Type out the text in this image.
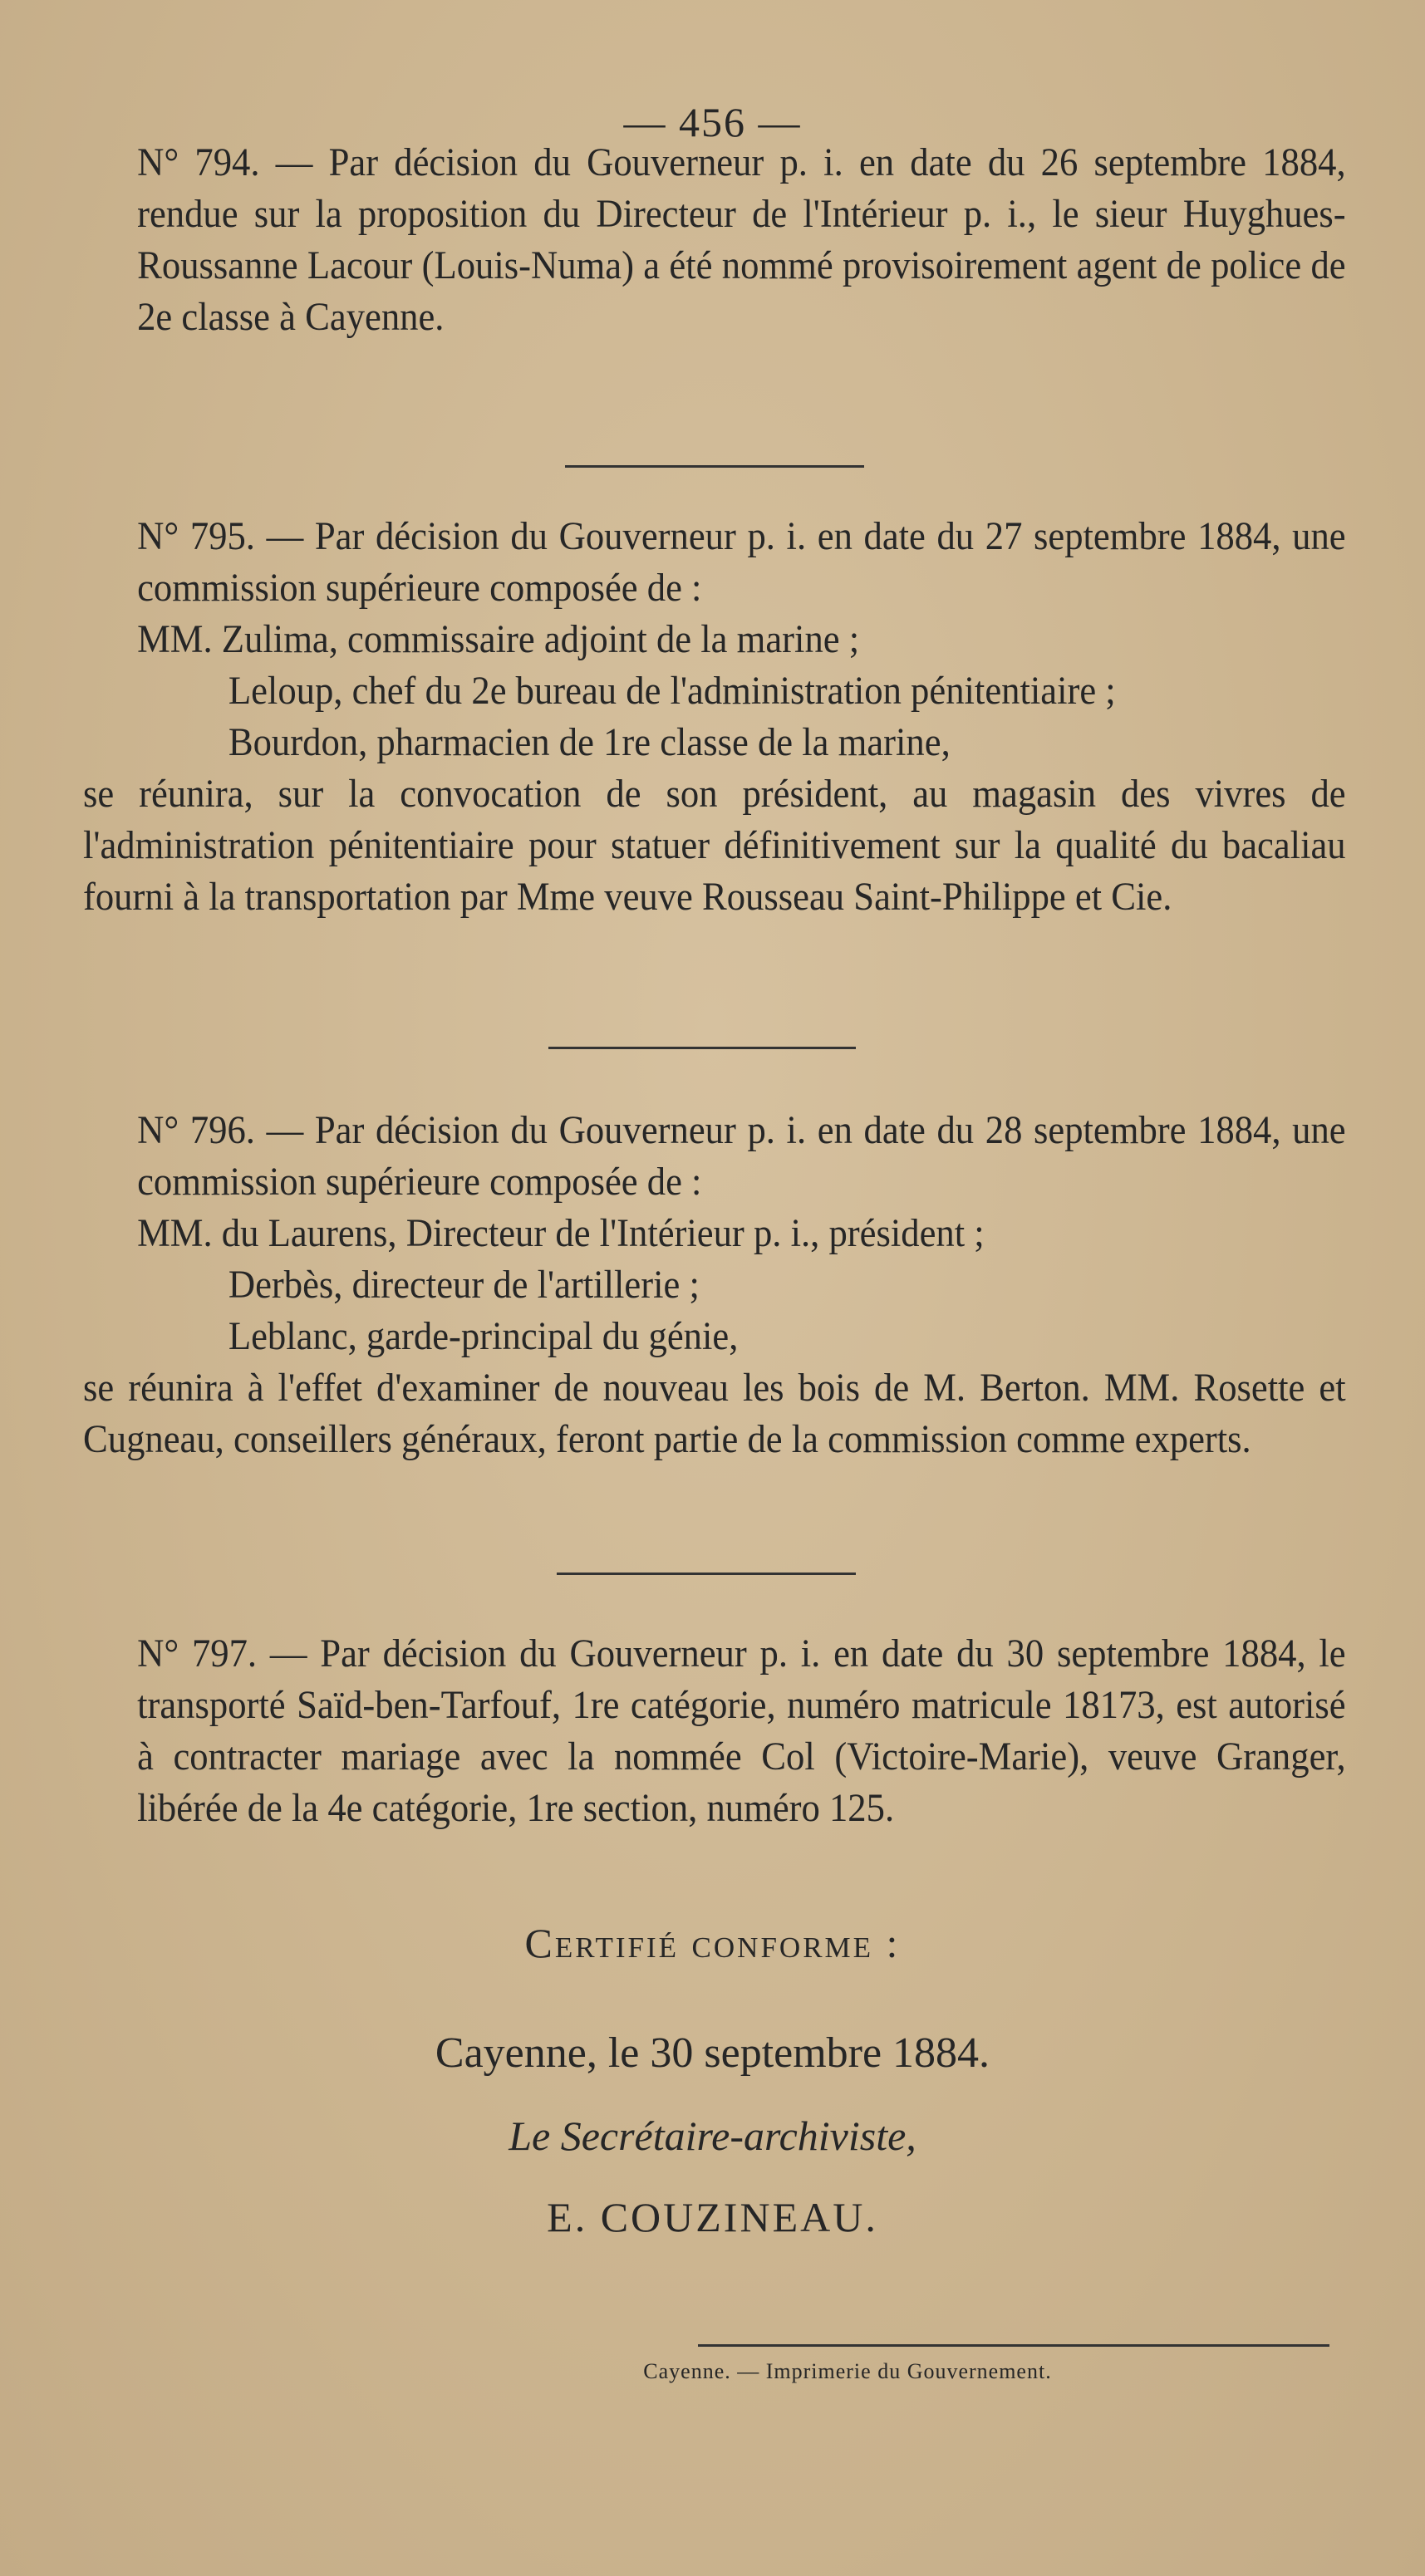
— 456 —

N° 794. — Par décision du Gouverneur p. i. en date du 26 septembre 1884, rendue sur la proposition du Directeur de l'Intérieur p. i., le sieur Huyghues-Roussanne Lacour (Louis-Numa) a été nommé provisoirement agent de police de 2e classe à Cayenne.

N° 795. — Par décision du Gouverneur p. i. en date du 27 septembre 1884, une commission supérieure composée de :

MM. Zulima, commissaire adjoint de la marine ;

Leloup, chef du 2e bureau de l'administration pénitentiaire ;

Bourdon, pharmacien de 1re classe de la marine,

se réunira, sur la convocation de son président, au magasin des vivres de l'administration pénitentiaire pour statuer définitivement sur la qualité du bacaliau fourni à la transportation par Mme veuve Rousseau Saint-Philippe et Cie.

N° 796. — Par décision du Gouverneur p. i. en date du 28 septembre 1884, une commission supérieure composée de :

MM. du Laurens, Directeur de l'Intérieur p. i., président ;

Derbès, directeur de l'artillerie ;

Leblanc, garde-principal du génie,

se réunira à l'effet d'examiner de nouveau les bois de M. Berton. MM. Rosette et Cugneau, conseillers généraux, feront partie de la commission comme experts.

N° 797. — Par décision du Gouverneur p. i. en date du 30 septembre 1884, le transporté Saïd-ben-Tarfouf, 1re catégorie, numéro matricule 18173, est autorisé à contracter mariage avec la nommée Col (Victoire-Marie), veuve Granger, libérée de la 4e catégorie, 1re section, numéro 125.

Certifié conforme :
Cayenne, le 30 septembre 1884.
Le Secrétaire-archiviste,
E. COUZINEAU.
Cayenne. — Imprimerie du Gouvernement.
